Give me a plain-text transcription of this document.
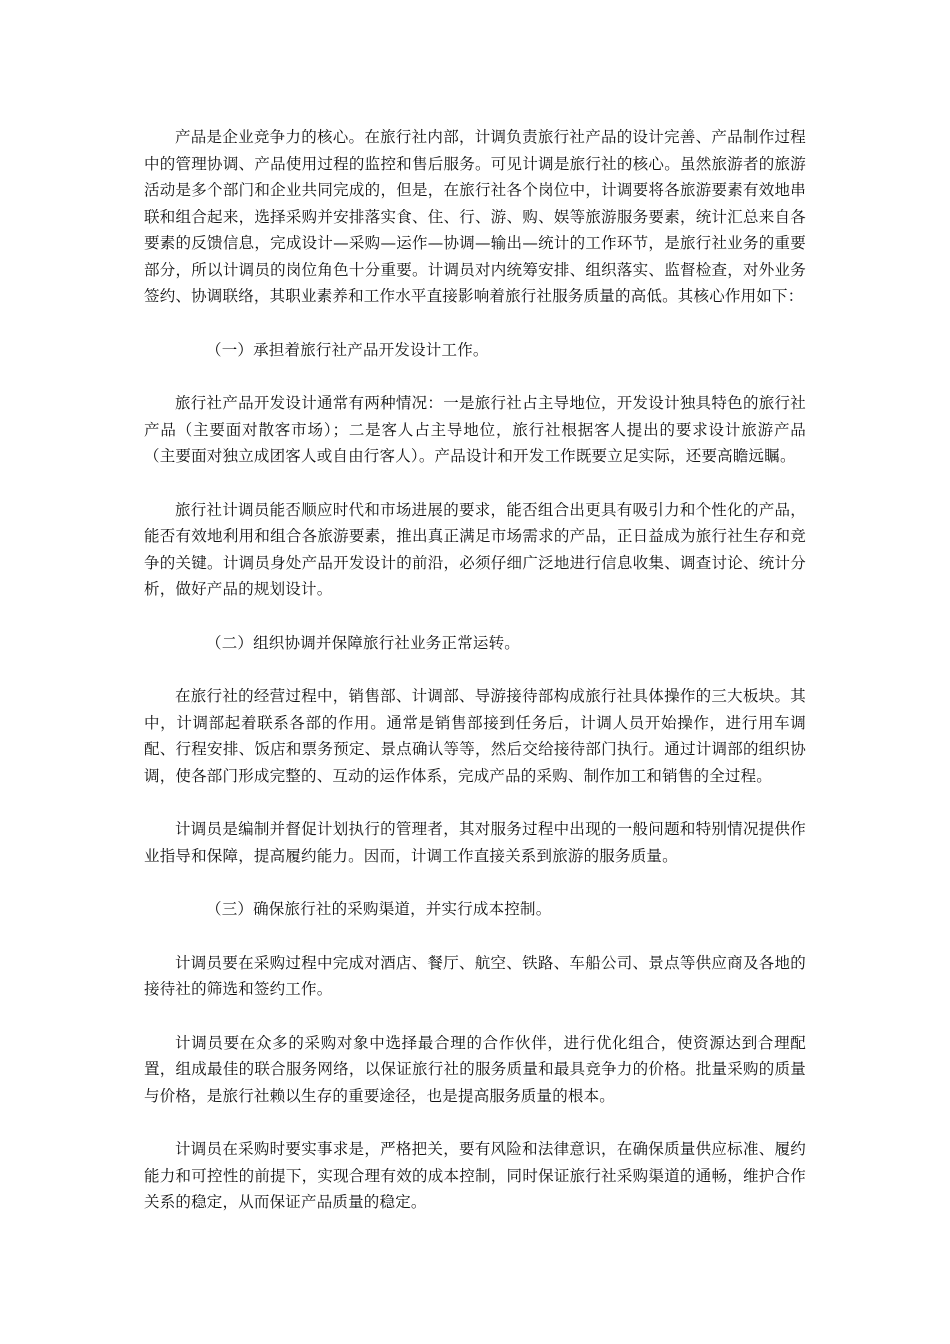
产品是企业竞争力的核心。在旅行社内部，计调负责旅行社产品的设计完善、产品制作过程中的管理协调、产品使用过程的监控和售后服务。可见计调是旅行社的核心。虽然旅游者的旅游活动是多个部门和企业共同完成的，但是，在旅行社各个岗位中，计调要将各旅游要素有效地串联和组合起来，选择采购并安排落实食、住、行、游、购、娱等旅游服务要素，统计汇总来自各要素的反馈信息，完成设计—采购—运作—协调—输出—统计的工作环节，是旅行社业务的重要部分，所以计调员的岗位角色十分重要。计调员对内统筹安排、组织落实、监督检查，对外业务签约、协调联络，其职业素养和工作水平直接影响着旅行社服务质量的高低。其核心作用如下：

（一）承担着旅行社产品开发设计工作。

旅行社产品开发设计通常有两种情况：一是旅行社占主导地位，开发设计独具特色的旅行社产品（主要面对散客市场）；二是客人占主导地位，旅行社根据客人提出的要求设计旅游产品（主要面对独立成团客人或自由行客人）。产品设计和开发工作既要立足实际，还要高瞻远瞩。

旅行社计调员能否顺应时代和市场进展的要求，能否组合出更具有吸引力和个性化的产品，能否有效地利用和组合各旅游要素，推出真正满足市场需求的产品，正日益成为旅行社生存和竞争的关键。计调员身处产品开发设计的前沿，必须仔细广泛地进行信息收集、调查讨论、统计分析，做好产品的规划设计。

（二）组织协调并保障旅行社业务正常运转。

在旅行社的经营过程中，销售部、计调部、导游接待部构成旅行社具体操作的三大板块。其中，计调部起着联系各部的作用。通常是销售部接到任务后，计调人员开始操作，进行用车调配、行程安排、饭店和票务预定、景点确认等等，然后交给接待部门执行。通过计调部的组织协调，使各部门形成完整的、互动的运作体系，完成产品的采购、制作加工和销售的全过程。

计调员是编制并督促计划执行的管理者，其对服务过程中出现的一般问题和特别情况提供作业指导和保障，提高履约能力。因而，计调工作直接关系到旅游的服务质量。

（三）确保旅行社的采购渠道，并实行成本控制。

计调员要在采购过程中完成对酒店、餐厅、航空、铁路、车船公司、景点等供应商及各地的接待社的筛选和签约工作。

计调员要在众多的采购对象中选择最合理的合作伙伴，进行优化组合，使资源达到合理配置，组成最佳的联合服务网络，以保证旅行社的服务质量和最具竞争力的价格。批量采购的质量与价格，是旅行社赖以生存的重要途径，也是提高服务质量的根本。

计调员在采购时要实事求是，严格把关，要有风险和法律意识，在确保质量供应标准、履约能力和可控性的前提下，实现合理有效的成本控制，同时保证旅行社采购渠道的通畅，维护合作关系的稳定，从而保证产品质量的稳定。
